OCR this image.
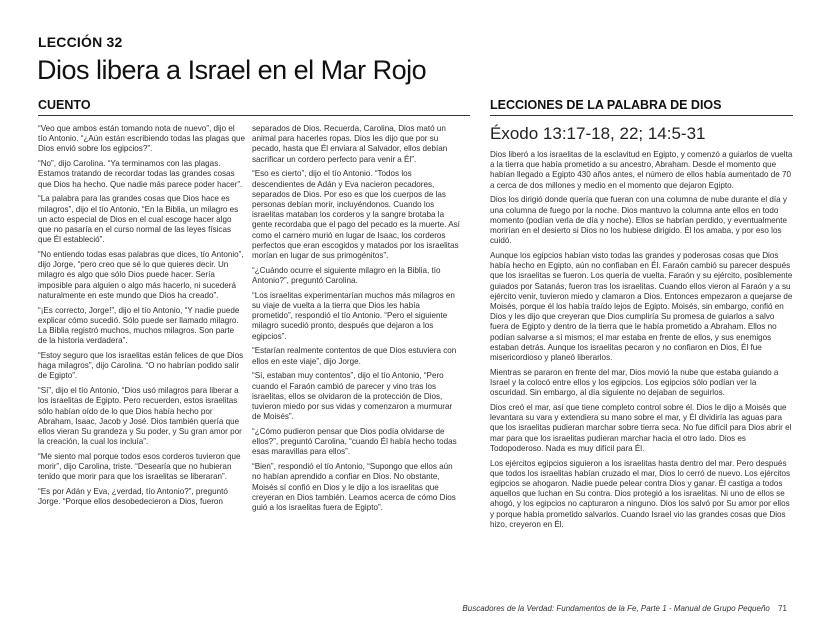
LECCIÓN 32
Dios libera a Israel en el Mar Rojo
CUENTO	LECCIONES DE LA PALABRA DE DIOS

“Veo que ambos están tomando nota de nuevo”, dijo el tío Antonio. “¿Aún están escribiendo todas las plagas que Dios envió sobre los egipcios?”.

“No”, dijo Carolina. “Ya terminamos con las plagas. Estamos tratando de recordar todas las grandes cosas que Dios ha hecho. Que nadie más parece poder hacer”.

“La palabra para las grandes cosas que Dios hace es milagros”, dijo el tío Antonio. “En la Biblia, un milagro es un acto especial de Dios en el cual escoge hacer algo que no pasaría en el curso normal de las leyes físicas que Él estableció”.

“No entiendo todas esas palabras que dices, tío Antonio”, dijo Jorge, “pero creo que sé lo que quieres decir. Un milagro es algo que sólo Dios puede hacer. Sería imposible para alguien o algo más hacerlo, ni sucederá naturalmente en este mundo que Dios ha creado”.

“¡Es correcto, Jorge!”, dijo el tío Antonio, “Y nadie puede explicar cómo sucedió. Sólo puede ser llamado milagro. La Biblia registró muchos, muchos milagros. Son parte de la historia verdadera”.

“Estoy seguro que los israelitas están felices de que Dios haga milagros”, dijo Carolina. “O no habrían podido salir de Egipto”.

“Sí”, dijo el tío Antonio, “Dios usó milagros para liberar a los israelitas de Egipto. Pero recuerden, estos israelitas sólo habían oído de lo que Dios había hecho por Abraham, Isaac, Jacob y José. Dios también quería que ellos vieran Su grandeza y Su poder, y Su gran amor por la creación, la cual los incluía”.

“Me siento mal porque todos esos corderos tuvieron que morir”, dijo Carolina, triste. “Desearía que no hubieran tenido que morir para que los israelitas se liberaran”.

“Es por Adán y Eva, ¿verdad, tío Antonio?”, preguntó Jorge. “Porque ellos desobedecieron a Dios, fueron

separados de Dios. Recuerda, Carolina, Dios mató un animal para hacerles ropas. Dios les dijo que por su pecado, hasta que Él enviara al Salvador, ellos debían sacrificar un cordero perfecto para venir a Él”.

“Eso es cierto”, dijo el tío Antonio. “Todos los descendientes de Adán y Eva nacieron pecadores, separados de Dios. Por eso es que los cuerpos de las personas debían morir, incluyéndonos. Cuando los israelitas mataban los corderos y la sangre brotaba la gente recordaba que el pago del pecado es la muerte. Así como el carnero murió en lugar de Isaac, los corderos perfectos que eran escogidos y matados por los israelitas morían en lugar de sus primogénitos”.

“¿Cuándo ocurre el siguiente milagro en la Biblia, tío Antonio?”, preguntó Carolina.

“Los israelitas experimentarían muchos más milagros en su viaje de vuelta a la tierra que Dios les había prometido”, respondió el tío Antonio. “Pero el siguiente milagro sucedió pronto, después que dejaron a los egipcios”.

“Estarían realmente contentos de que Dios estuviera con ellos en este viaje”, dijo Jorge.

“Sí, estaban muy contentos”, dijo el tío Antonio, “Pero cuando el Faraón cambió de parecer y vino tras los israelitas, ellos se olvidaron de la protección de Dios, tuvieron miedo por sus vidas y comenzaron a murmurar de Moisés”.

“¿Cómo pudieron pensar que Dios podía olvidarse de ellos?”, preguntó Carolina, “cuando Él había hecho todas esas maravillas para ellos”.

“Bien”, respondió el tío Antonio, “Supongo que ellos aún no habían aprendido a confiar en Dios. No obstante, Moisés sí confió en Dios y le dijo a los israelitas que creyeran en Dios también. Leamos acerca de cómo Dios guió a los israelitas fuera de Egipto”.

Éxodo 13:17-18, 22; 14:5-31

Dios liberó a los israelitas de la esclavitud en Egipto, y comenzó a guiarlos de vuelta a la tierra que había prometido a su ancestro, Abraham. Desde el momento que habían llegado a Egipto 430 años antes, el número de ellos había aumentado de 70 a cerca de dos millones y medio en el momento que dejaron Egipto.

Dios los dirigió donde quería que fueran con una columna de nube durante el día y una columna de fuego por la noche. Dios mantuvo la columna ante ellos en todo momento (podían verla de día y noche). Ellos se habrían perdido, y eventualmente morirían en el desierto si Dios no los hubiese dirigido. Él los amaba, y por eso los cuidó.

Aunque los egipcios habían visto todas las grandes y poderosas cosas que Dios había hecho en Egipto, aún no confiaban en Él. Faraón cambió su parecer después que los israelitas se fueron. Los quería de vuelta. Faraón y su ejército, posiblemente guiados por Satanás, fueron tras los israelitas. Cuando ellos vieron al Faraón y a su ejército venir, tuvieron miedo y clamaron a Dios. Entonces empezaron a quejarse de Moisés, porque él los había traído lejos de Egipto. Moisés, sin embargo, confió en Dios y les dijo que creyeran que Dios cumpliría Su promesa de guiarlos a salvo fuera de Egipto y dentro de la tierra que le había prometido a Abraham. Ellos no podían salvarse a sí mismos; el mar estaba en frente de ellos, y sus enemigos estaban detrás. Aunque los israelitas pecaron y no confiaron en Dios, Él fue misericordioso y planeó liberarlos.

Mientras se pararon en frente del mar, Dios movió la nube que estaba guiando a Israel y la colocó entre ellos y los egipcios. Los egipcios sólo podían ver la oscuridad. Sin embargo, al día siguiente no dejaban de seguirlos.

Dios creó el mar, así que tiene completo control sobre él. Dios le dijo a Moisés que levantara su vara y extendiera su mano sobre el mar, y Él dividiría las aguas para que los israelitas pudieran marchar sobre tierra seca. No fue difícil para Dios abrir el mar para que los israelitas pudieran marchar hacia el otro lado. Dios es Todopoderoso. Nada es muy difícil para Él.

Los ejércitos egipcios siguieron a los israelitas hasta dentro del mar. Pero después que todos los israelitas habían cruzado el mar, Dios lo cerró de nuevo. Los ejércitos egipcios se ahogaron. Nadie puede pelear contra Dios y ganar. Él castiga a todos aquellos que luchan en Su contra. Dios protegió a los israelitas. Ni uno de ellos se ahogó, y los egipcios no capturaron a ninguno. Dios los salvó por Su amor por ellos y porque había prometido salvarlos. Cuando Israel vio las grandes cosas que Dios hizo, creyeron en Él.

Buscadores de la Verdad: Fundamentos de la Fe, Parte 1 - Manual de Grupo Pequeño 71
